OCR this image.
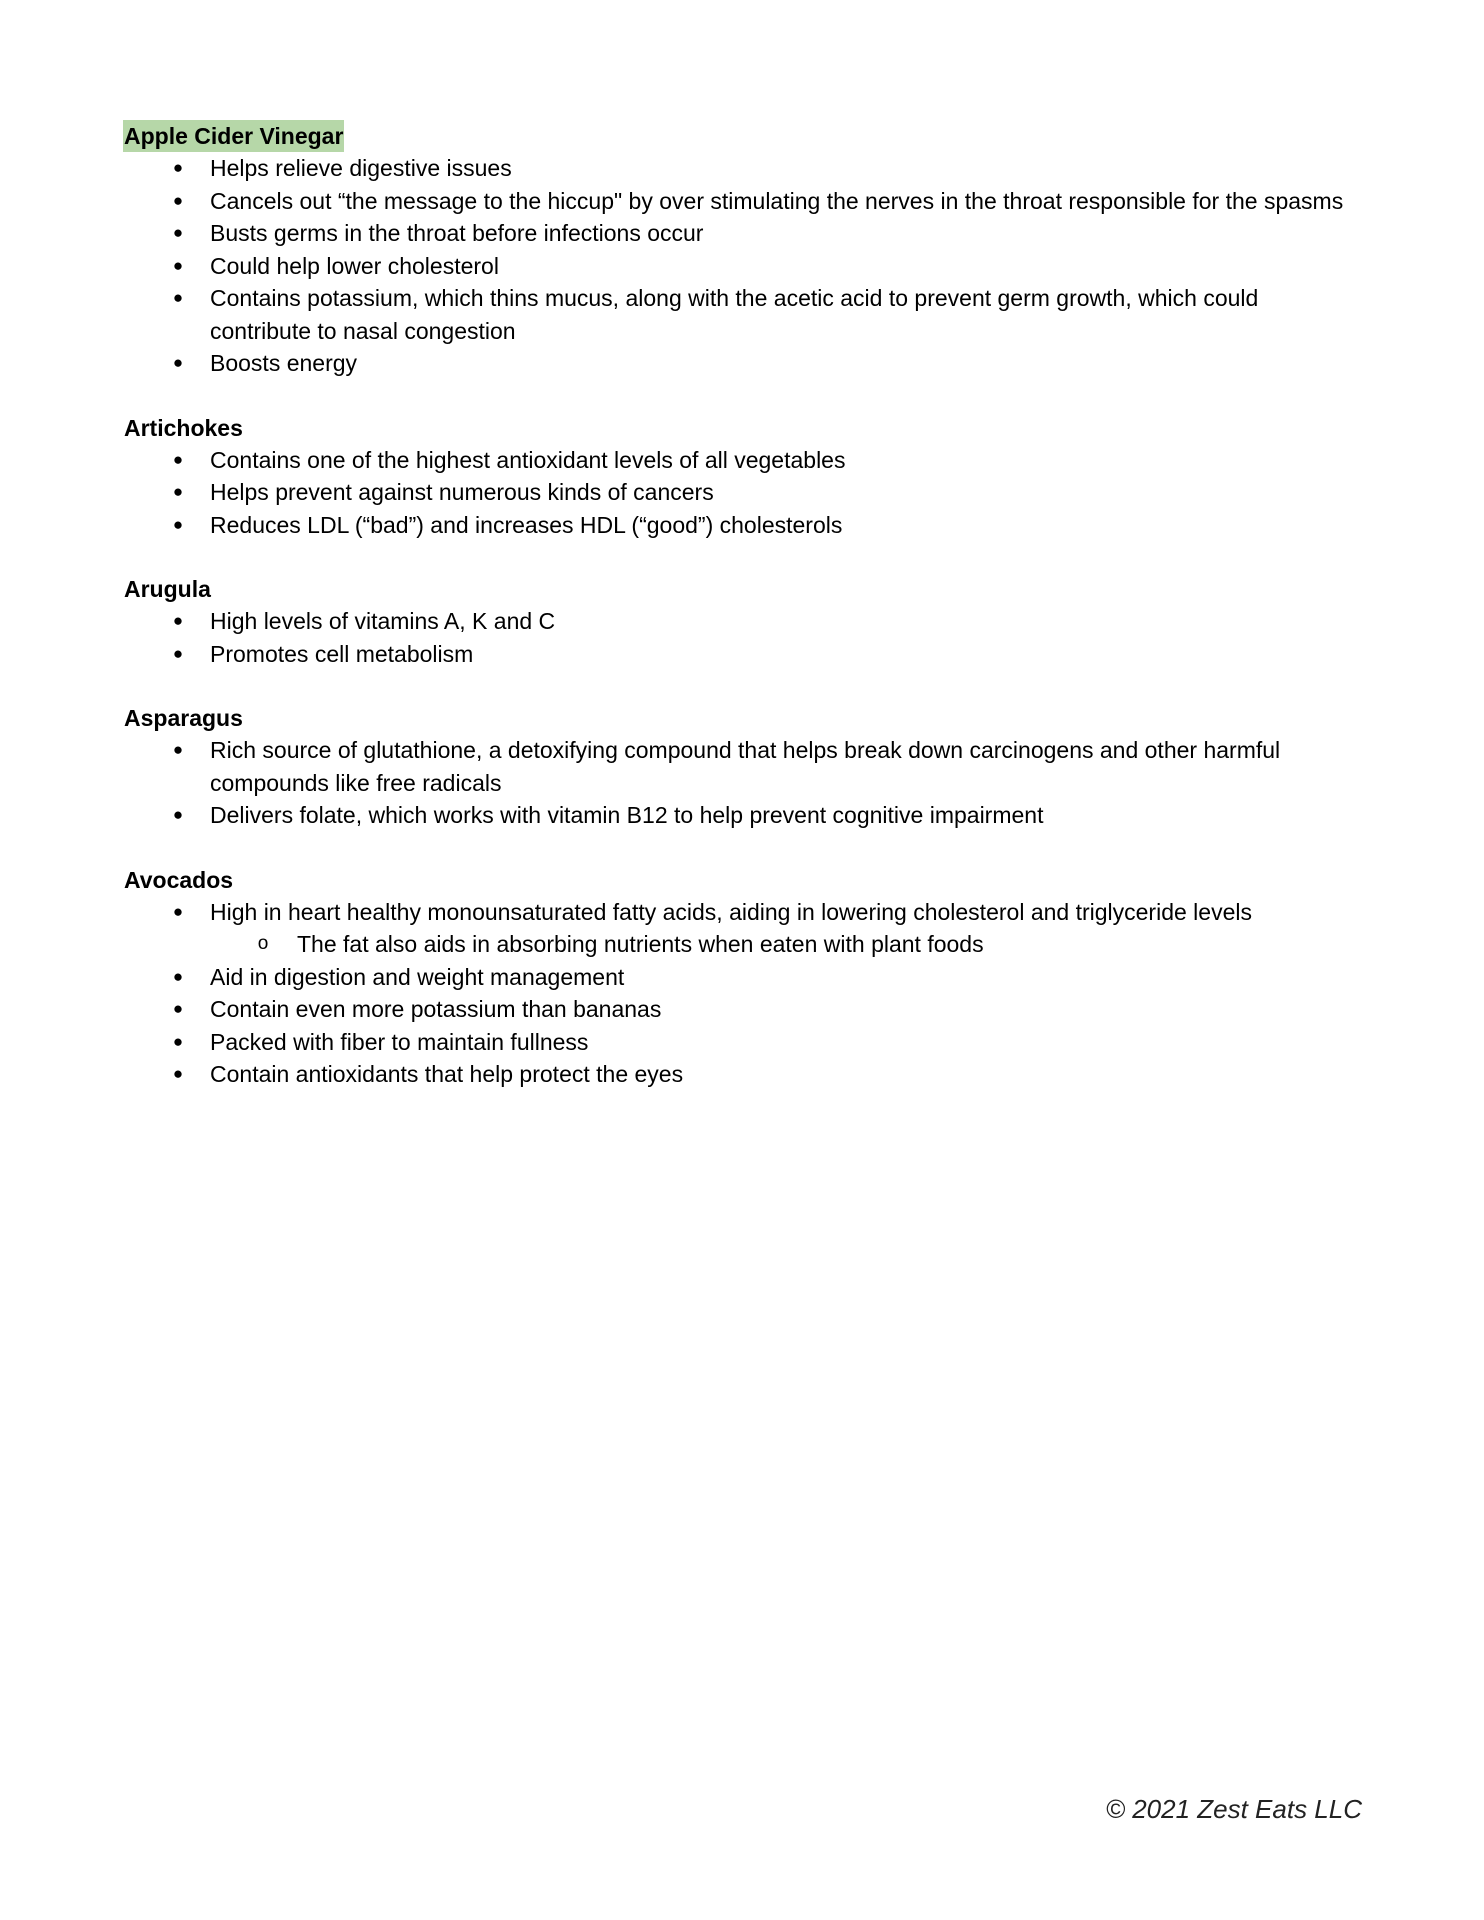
Apple Cider Vinegar
● Helps relieve digestive issues
● Cancels out “the message to the hiccup" by over stimulating the nerves in the throat responsible for the spasms
● Busts germs in the throat before infections occur
● Could help lower cholesterol
● Contains potassium, which thins mucus, along with the acetic acid to prevent germ growth, which could contribute to nasal congestion
● Boosts energy
Artichokes
● Contains one of the highest antioxidant levels of all vegetables
● Helps prevent against numerous kinds of cancers
● Reduces LDL (“bad”) and increases HDL (“good”) cholesterols
Arugula
● High levels of vitamins A, K and C
● Promotes cell metabolism
Asparagus
● Rich source of glutathione, a detoxifying compound that helps break down carcinogens and other harmful compounds like free radicals
● Delivers folate, which works with vitamin B12 to help prevent cognitive impairment
Avocados
● High in heart healthy monounsaturated fatty acids, aiding in lowering cholesterol and triglyceride levels
o The fat also aids in absorbing nutrients when eaten with plant foods
● Aid in digestion and weight management
● Contain even more potassium than bananas
● Packed with fiber to maintain fullness
● Contain antioxidants that help protect the eyes
© 2021 Zest Eats LLC
